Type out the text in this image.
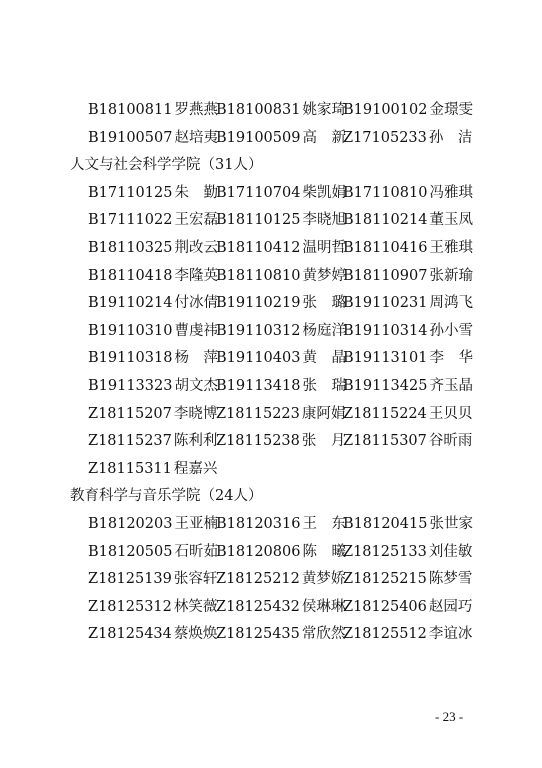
B18100811 罗燕燕
B18100831 姚家琦
B19100102 金璟雯
B19100507 赵培夷
B19100509 高　新
Z17105233 孙　洁
人文与社会科学学院（31人）
B17110125 朱　勤
B17110704 柴凯娟
B17110810 冯雅琪
B17111022 王宏磊
B18110125 李晓旭
B18110214 董玉凤
B18110325 荆改云
B18110412 温明哲
B18110416 王雅琪
B18110418 李隆英
B18110810 黄梦婷
B18110907 张新瑜
B19110214 付冰倩
B19110219 张　璐
B19110231 周鸿飞
B19110310 曹虔祎
B19110312 杨庭洋
B19110314 孙小雪
B19110318 杨　萍
B19110403 黄　晶
B19113101 李　华
B19113323 胡文杰
B19113418 张　瑞
B19113425 齐玉晶
Z18115207 李晓博
Z18115223 康阿娟
Z18115224 王贝贝
Z18115237 陈利利
Z18115238 张　月
Z18115307 谷昕雨
Z18115311 程嘉兴
教育科学与音乐学院（24人）
B18120203 王亚楠
B18120316 王　东
B18120415 张世家
B18120505 石昕茹
B18120806 陈　曦
Z18125133 刘佳敏
Z18125139 张容轩
Z18125212 黄梦娇
Z18125215 陈梦雪
Z18125312 林笑薇
Z18125432 侯琳琳
Z18125406 赵园巧
Z18125434 蔡焕焕
Z18125435 常欣然
Z18125512 李谊冰
- 23 -
